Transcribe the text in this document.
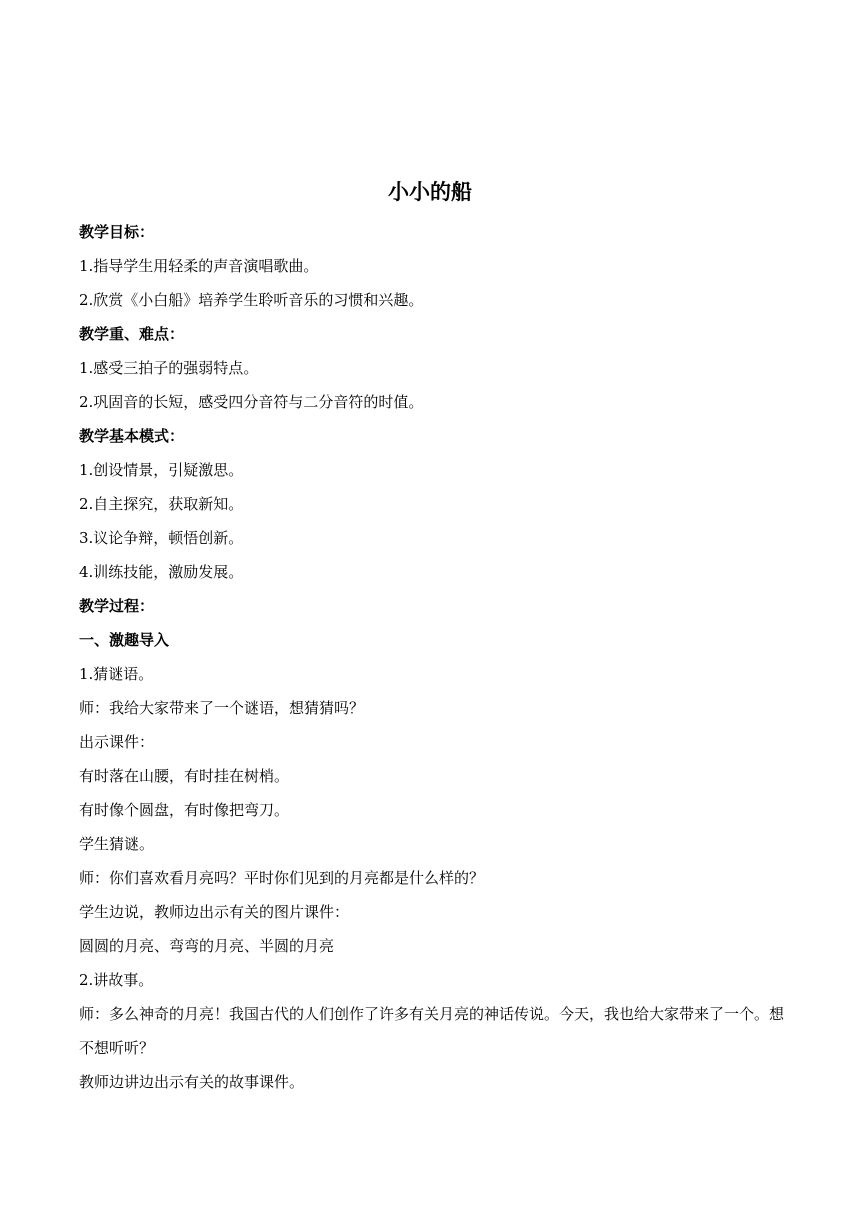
小小的船

教学目标：

1.指导学生用轻柔的声音演唱歌曲。

2.欣赏《小白船》培养学生聆听音乐的习惯和兴趣。

教学重、难点：

1.感受三拍子的强弱特点。

2.巩固音的长短，感受四分音符与二分音符的时值。

教学基本模式：

1.创设情景，引疑激思。

2.自主探究，获取新知。

3.议论争辩，顿悟创新。

4.训练技能，激励发展。

教学过程：

一、激趣导入

1.猜谜语。

师：我给大家带来了一个谜语，想猜猜吗？

出示课件：

有时落在山腰，有时挂在树梢。

有时像个圆盘，有时像把弯刀。

学生猜谜。

师：你们喜欢看月亮吗？平时你们见到的月亮都是什么样的？

学生边说，教师边出示有关的图片课件：

圆圆的月亮、弯弯的月亮、半圆的月亮

2.讲故事。

师：多么神奇的月亮！我国古代的人们创作了许多有关月亮的神话传说。今天，我也给大家带来了一个。想不想听听？

教师边讲边出示有关的故事课件。
